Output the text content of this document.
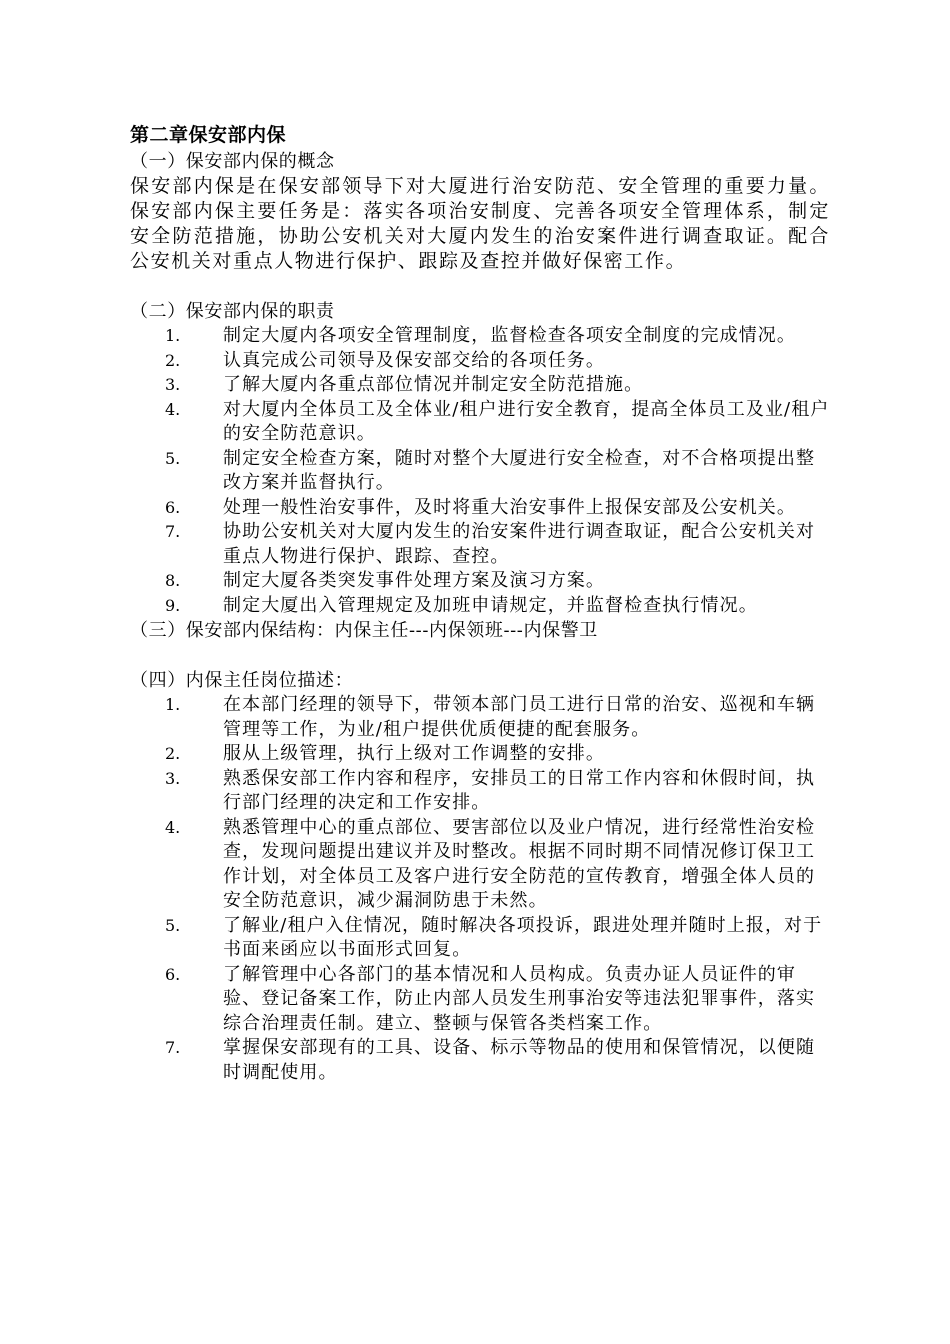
第二章保安部内保
（一）保安部内保的概念

保安部内保是在保安部领导下对大厦进行治安防范、安全管理的重要力量。保安部内保主要任务是：落实各项治安制度、完善各项安全管理体系，制定安全防范措施，协助公安机关对大厦内发生的治安案件进行调查取证。配合公安机关对重点人物进行保护、跟踪及查控并做好保密工作。

（二）保安部内保的职责
1. 制定大厦内各项安全管理制度，监督检查各项安全制度的完成情况。
2. 认真完成公司领导及保安部交给的各项任务。
3. 了解大厦内各重点部位情况并制定安全防范措施。
4. 对大厦内全体员工及全体业/租户进行安全教育，提高全体员工及业/租户的安全防范意识。
5. 制定安全检查方案，随时对整个大厦进行安全检查，对不合格项提出整改方案并监督执行。
6. 处理一般性治安事件，及时将重大治安事件上报保安部及公安机关。
7. 协助公安机关对大厦内发生的治安案件进行调查取证，配合公安机关对重点人物进行保护、跟踪、查控。
8. 制定大厦各类突发事件处理方案及演习方案。
9. 制定大厦出入管理规定及加班申请规定，并监督检查执行情况。
（三）保安部内保结构：内保主任---内保领班---内保警卫
（四）内保主任岗位描述：
1. 在本部门经理的领导下，带领本部门员工进行日常的治安、巡视和车辆管理等工作，为业/租户提供优质便捷的配套服务。
2. 服从上级管理，执行上级对工作调整的安排。
3. 熟悉保安部工作内容和程序，安排员工的日常工作内容和休假时间，执行部门经理的决定和工作安排。
4. 熟悉管理中心的重点部位、要害部位以及业户情况，进行经常性治安检查，发现问题提出建议并及时整改。根据不同时期不同情况修订保卫工作计划，对全体员工及客户进行安全防范的宣传教育，增强全体人员的安全防范意识，减少漏洞防患于未然。
5. 了解业/租户入住情况，随时解决各项投诉，跟进处理并随时上报，对于书面来函应以书面形式回复。
6. 了解管理中心各部门的基本情况和人员构成。负责办证人员证件的审验、登记备案工作，防止内部人员发生刑事治安等违法犯罪事件，落实综合治理责任制。建立、整顿与保管各类档案工作。
7. 掌握保安部现有的工具、设备、标示等物品的使用和保管情况，以便随时调配使用。
